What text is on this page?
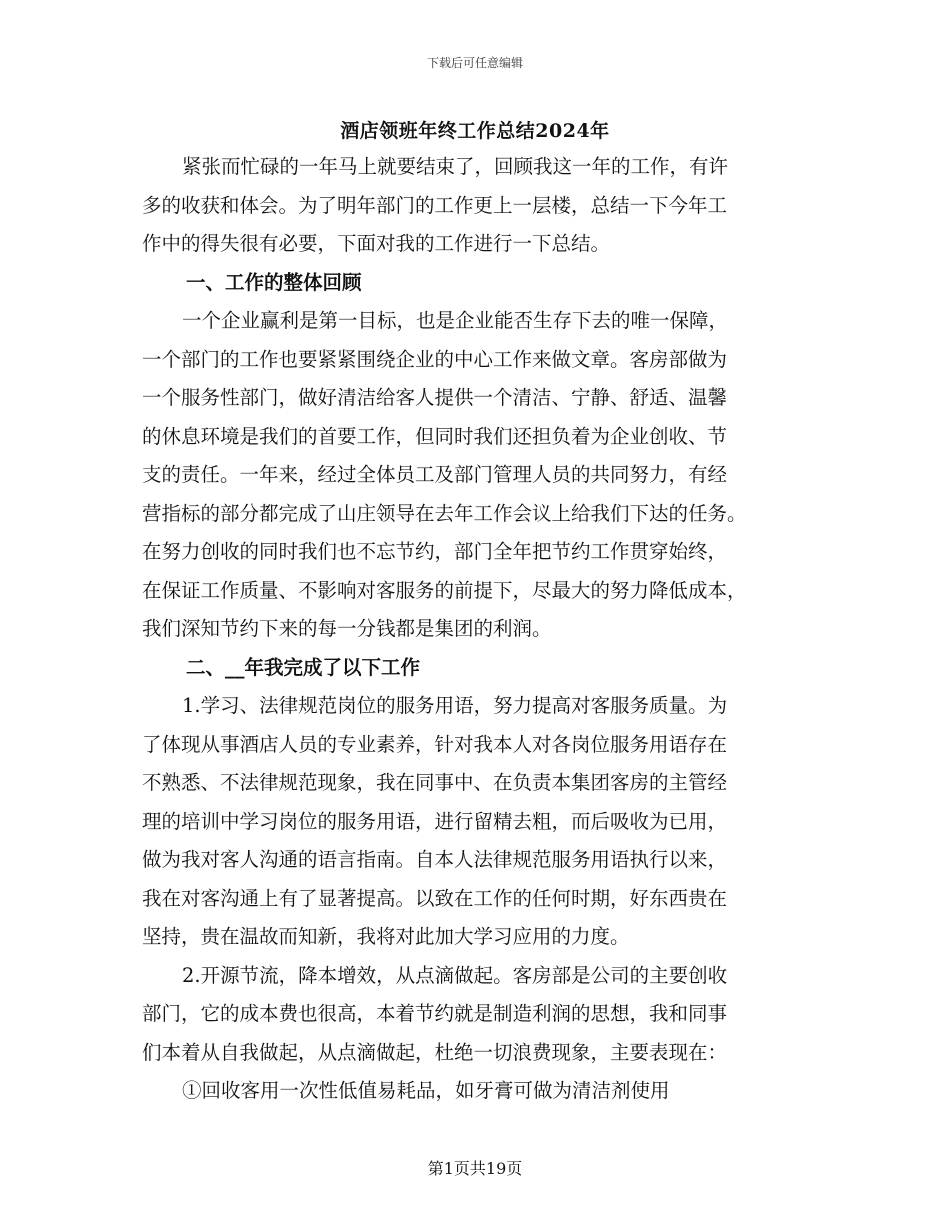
下载后可任意编辑
酒店领班年终工作总结2024年
紧张而忙碌的一年马上就要结束了，回顾我这一年的工作，有许
多的收获和体会。为了明年部门的工作更上一层楼，总结一下今年工
作中的得失很有必要，下面对我的工作进行一下总结。
一、工作的整体回顾
一个企业赢利是第一目标，也是企业能否生存下去的唯一保障，
一个部门的工作也要紧紧围绕企业的中心工作来做文章。客房部做为
一个服务性部门，做好清洁给客人提供一个清洁、宁静、舒适、温馨
的休息环境是我们的首要工作，但同时我们还担负着为企业创收、节
支的责任。一年来，经过全体员工及部门管理人员的共同努力，有经
营指标的部分都完成了山庄领导在去年工作会议上给我们下达的任务。
在努力创收的同时我们也不忘节约，部门全年把节约工作贯穿始终，
在保证工作质量、不影响对客服务的前提下，尽最大的努力降低成本，
我们深知节约下来的每一分钱都是集团的利润。
二、__年我完成了以下工作
1.学习、法律规范岗位的服务用语，努力提高对客服务质量。为
了体现从事酒店人员的专业素养，针对我本人对各岗位服务用语存在
不熟悉、不法律规范现象，我在同事中、在负责本集团客房的主管经
理的培训中学习岗位的服务用语，进行留精去粗，而后吸收为已用，
做为我对客人沟通的语言指南。自本人法律规范服务用语执行以来，
我在对客沟通上有了显著提高。以致在工作的任何时期，好东西贵在
坚持，贵在温故而知新，我将对此加大学习应用的力度。
2.开源节流，降本增效，从点滴做起。客房部是公司的主要创收
部门，它的成本费也很高，本着节约就是制造利润的思想，我和同事
们本着从自我做起，从点滴做起，杜绝一切浪费现象，主要表现在：
①回收客用一次性低值易耗品，如牙膏可做为清洁剂使用
第1页共19页
